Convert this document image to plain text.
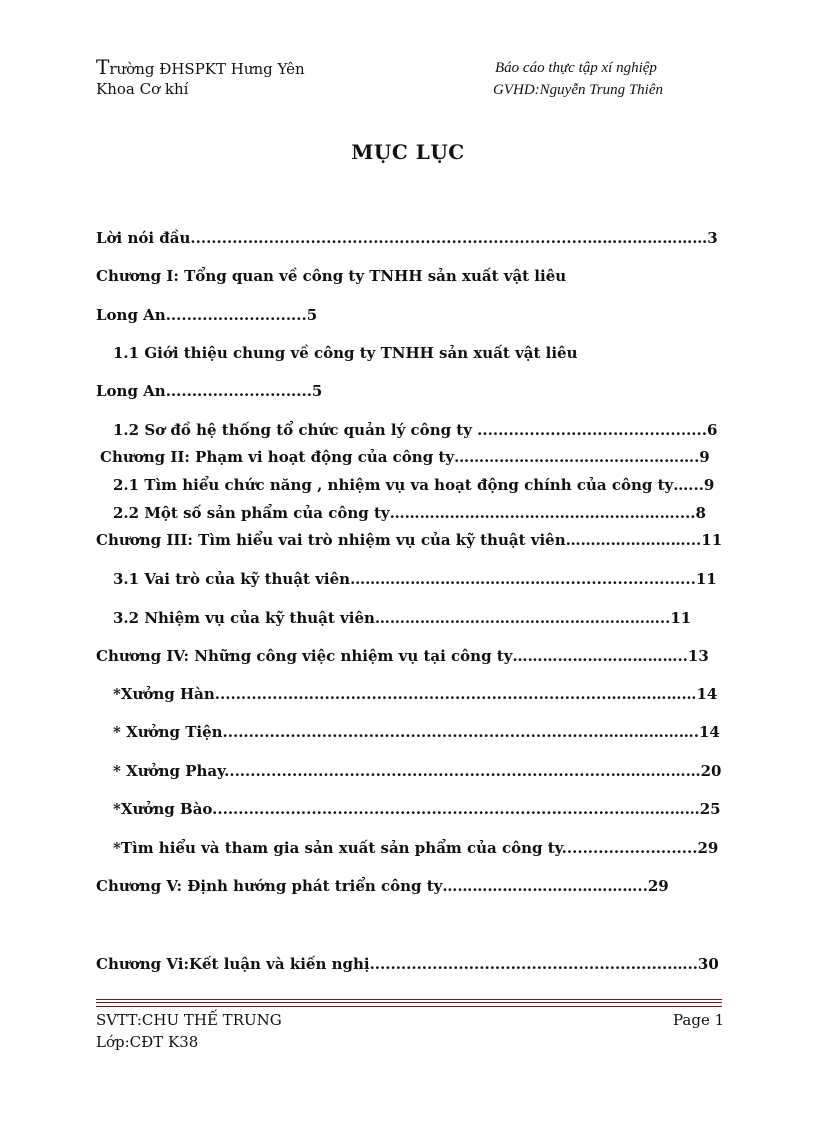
Trường ĐHSPKT Hưng Yên
Khoa Cơ khí
Báo cáo thực tập xí nghiệp
GVHD:Nguyễn Trung Thiên
MỤC LỤC
Lời nói đầu............................................................................……………………3
Chương I: Tổng quan về công ty TNHH sản xuất vật liêu
Long An...........................5
1.1 Giới thiệu chung về công ty TNHH sản xuất vật liêu
Long An............................5
1.2 Sơ đồ hệ thống tổ chức quản lý công ty ............................................6
Chương II: Phạm vi hoạt động của công ty………………………………………….9
2.1 Tìm hiểu chức năng , nhiệm vụ va hoạt động chính của công ty…...9
2.2 Một số sản phẩm của công ty…………………………………………………....8
Chương III: Tìm hiểu vai trò nhiệm vụ của kỹ thuật viên……………………...11
3.1 Vai trò của kỹ thuật viên……………………………………..........................11
3.2 Nhiệm vụ của kỹ thuật viên…………………………………………………..11
Chương IV: Những công việc nhiệm vụ tại công ty……………………………..13
*Xưởng Hàn...........................................................................………………14
* Xưởng Tiện.........................................................................……………….14
* Xưởng Phay..........................................................................………………20
*Xưởng Bào...............................................................................……………25
*Tìm hiểu và tham gia sản xuất sản phẩm của công ty..........................29
Chương V: Định hướng phát triển công ty…………………………………..29
Chương Vi:Kết luận và kiến nghị..........................................................…..30
SVTT:CHU THẾ TRUNG
Lớp:CĐT K38
Page 1
